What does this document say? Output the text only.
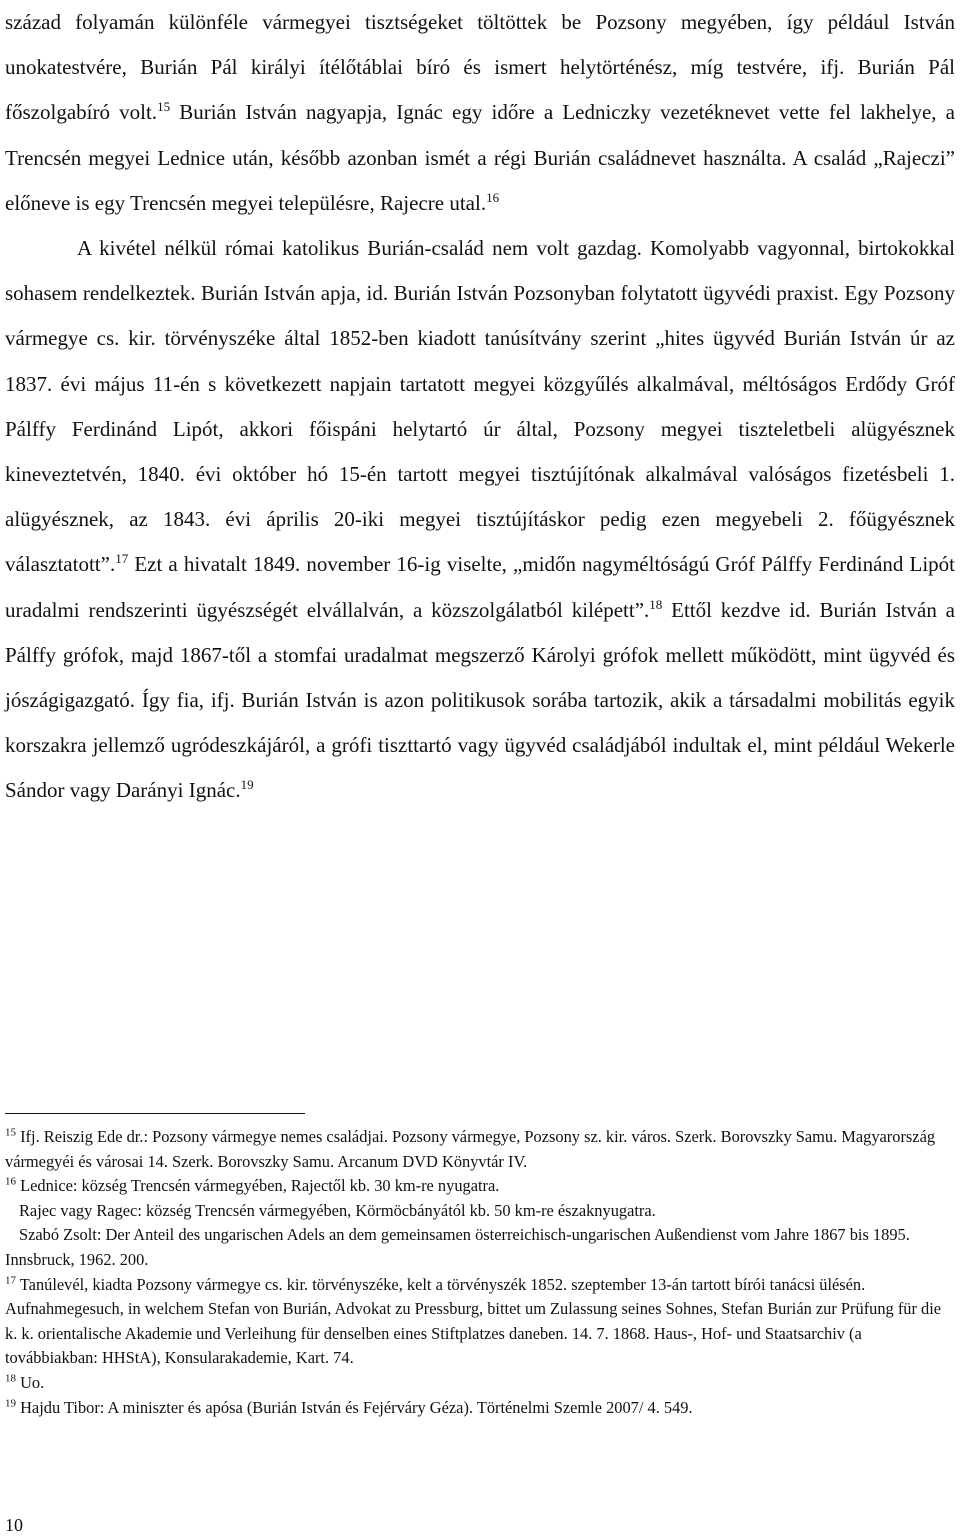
század folyamán különféle vármegyei tisztségeket töltöttek be Pozsony megyében, így például István unokatestvére, Burián Pál királyi ítélőtáblai bíró és ismert helytörténész, míg testvére, ifj. Burián Pál főszolgabíró volt.$^{15}$ Burián István nagyapja, Ignác egy időre a Ledniczky vezetéknevet vette fel lakhelye, a Trencsén megyei Lednice után, később azonban ismét a régi Burián családnevet használta. A család „Rajeczi” előneve is egy Trencsén megyei településre, Rajecre utal.$^{16}$
A kivétel nélkül római katolikus Burián-család nem volt gazdag. Komolyabb vagyonnal, birtokokkal sohasem rendelkeztek. Burián István apja, id. Burián István Pozsonyban folytatott ügyvédi praxist. Egy Pozsony vármegye cs. kir. törvényszéke által 1852-ben kiadott tanúsítvány szerint „hites ügyvéd Burián István úr az 1837. évi május 11-én s következett napjain tartatott megyei közgyűlés alkalmával, méltóságos Erdődy Gróf Pálffy Ferdinánd Lipót, akkori főispáni helytartó úr által, Pozsony megyei tiszteletbeli alügyésznek kineveztetvén, 1840. évi október hó 15-én tartott megyei tisztújítónak alkalmával valóságos fizetésbeli 1. alügyésznek, az 1843. évi április 20-iki megyei tisztújításkor pedig ezen megyebeli 2. főügyésznek választatott”.$^{17}$ Ezt a hivatalt 1849. november 16-ig viselte, „midőn nagyméltóságú Gróf Pálffy Ferdinánd Lipót uradalmi rendszerinti ügyészségét elvállalván, a közszolgálatból kilépett”.$^{18}$ Ettől kezdve id. Burián István a Pálffy grófok, majd 1867-től a stomfai uradalmat megszerző Károlyi grófok mellett működött, mint ügyvéd és jószágigazgató. Így fia, ifj. Burián István is azon politikusok sorába tartozik, akik a társadalmi mobilitás egyik korszakra jellemző ugródeszkájáról, a grófi tiszttartó vagy ügyvéd családjából indultak el, mint például Wekerle Sándor vagy Darányi Ignác.$^{19}$

$^{15}$ Ifj. Reiszig Ede dr.: Pozsony vármegye nemes családjai. Pozsony vármegye, Pozsony sz. kir. város. Szerk. Borovszky Samu. Magyarország vármegyéi és városai 14. Szerk. Borovszky Samu. Arcanum DVD Könyvtár IV.
$^{16}$ Lednice: község Trencsén vármegyében, Rajectől kb. 30 km-re nyugatra.
Rajec vagy Ragec: község Trencsén vármegyében, Körmöcbányától kb. 50 km-re északnyugatra.
Szabó Zsolt: Der Anteil des ungarischen Adels an dem gemeinsamen österreichisch-ungarischen Außendienst vom Jahre 1867 bis 1895. Innsbruck, 1962. 200.
$^{17}$ Tanúlevél, kiadta Pozsony vármegye cs. kir. törvényszéke, kelt a törvényszék 1852. szeptember 13-án tartott bírói tanácsi ülésén. Aufnahmegesuch, in welchem Stefan von Burián, Advokat zu Pressburg, bittet um Zulassung seines Sohnes, Stefan Burián zur Prüfung für die k. k. orientalische Akademie und Verleihung für denselben eines Stiftplatzes daneben. 14. 7. 1868. Haus-, Hof- und Staatsarchiv (a továbbiakban: HHStA), Konsularakademie, Kart. 74.
$^{18}$ Uo.
$^{19}$ Hajdu Tibor: A miniszter és apósa (Burián István és Fejérváry Géza). Történelmi Szemle 2007/ 4. 549.
10
